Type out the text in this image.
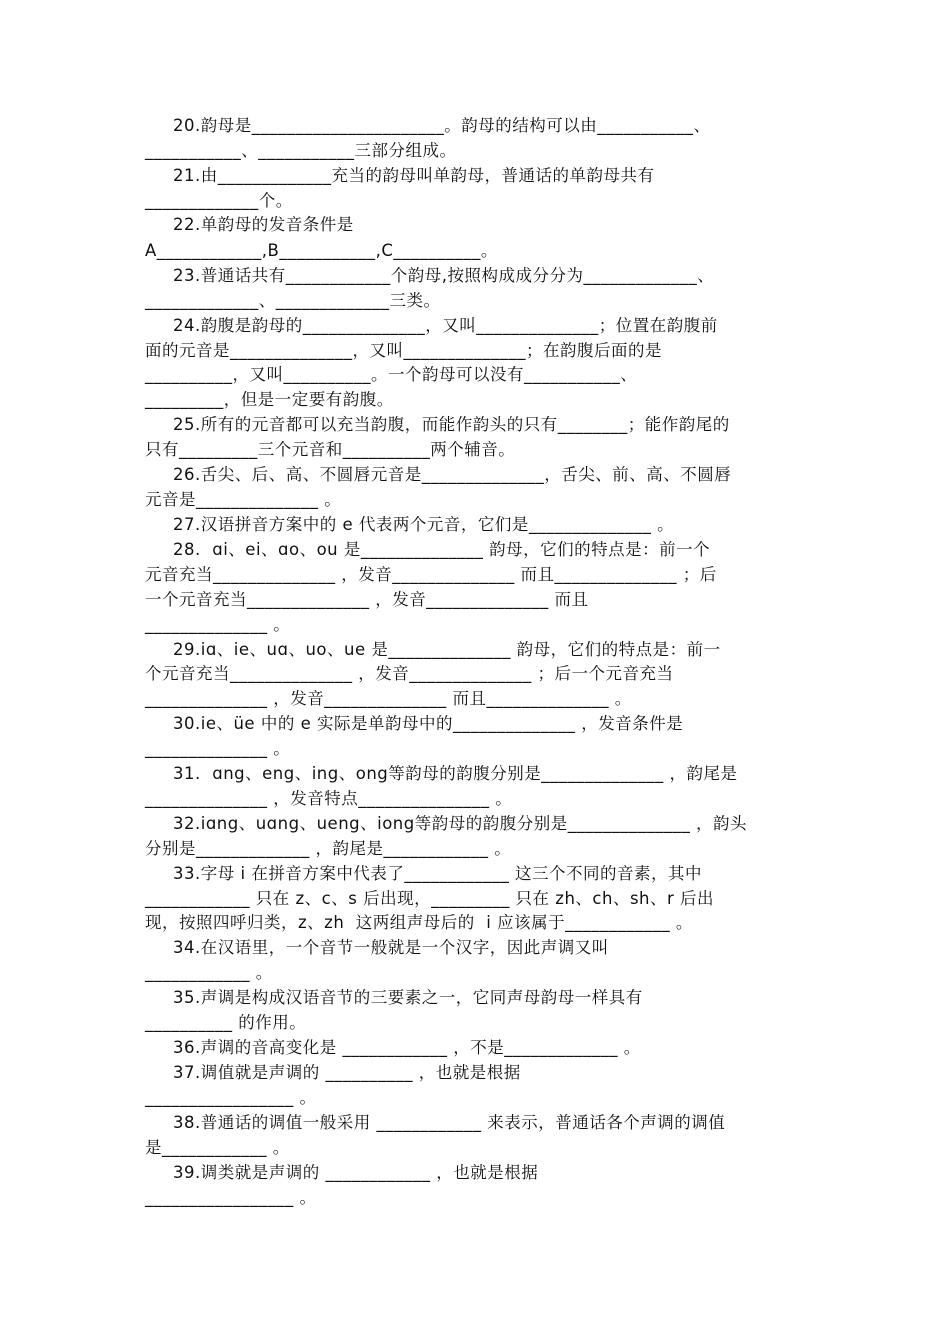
20.韵母是______________________。韵母的结构可以由___________、
___________、___________三部分组成。
21.由_____________充当的韵母叫单韵母，普通话的单韵母共有
_____________个。
22.单韵母的发音条件是
A____________,B___________,C__________。
23.普通话共有____________个韵母,按照构成成分分为_____________、
_____________、_____________三类。
24.韵腹是韵母的______________，又叫______________；位置在韵腹前
面的元音是______________，又叫______________；在韵腹后面的是
__________，又叫__________。一个韵母可以没有___________、
_________，但是一定要有韵腹。
25.所有的元音都可以充当韵腹，而能作韵头的只有________；能作韵尾的
只有_________三个元音和__________两个辅音。
26.舌尖、后、高、不圆唇元音是______________，舌尖、前、高、不圆唇
元音是______________ 。
27.汉语拼音方案中的 e 代表两个元音，它们是______________ 。
28.  ɑi、ei、ɑo、ou 是______________ 韵母，它们的特点是：前一个
元音充当______________ ，发音______________ 而且______________ ；后
一个元音充当______________ ，发音______________ 而且
______________ 。
29.iɑ、ie、uɑ、uo、ue 是______________ 韵母，它们的特点是：前一
个元音充当______________ ，发音______________ ；后一个元音充当
______________ ，发音______________ 而且______________ 。
30.ie、üe 中的 e 实际是单韵母中的______________ ，发音条件是
______________ 。
31.  ɑng、eng、ing、ong等韵母的韵腹分别是______________ ，韵尾是
______________ ，发音特点_______________ 。
32.iɑng、uɑng、ueng、iong等韵母的韵腹分别是______________ ，韵头
分别是_____________ ，韵尾是____________ 。
33.字母 i 在拼音方案中代表了____________ 这三个不同的音素，其中
____________ 只在 z、c、s 后出现，_________ 只在 zh、ch、sh、r 后出
现，按照四呼归类，z、zh  这两组声母后的  i 应该属于____________ 。
34.在汉语里，一个音节一般就是一个汉字，因此声调又叫
____________ 。
35.声调是构成汉语音节的三要素之一，它同声母韵母一样具有
__________ 的作用。
36.声调的音高变化是 ____________ ，不是_____________ 。
37.调值就是声调的 __________ ，也就是根据
_________________ 。
38.普通话的调值一般采用 ____________ 来表示，普通话各个声调的调值
是____________ 。
39.调类就是声调的 ____________ ，也就是根据
_________________ 。
